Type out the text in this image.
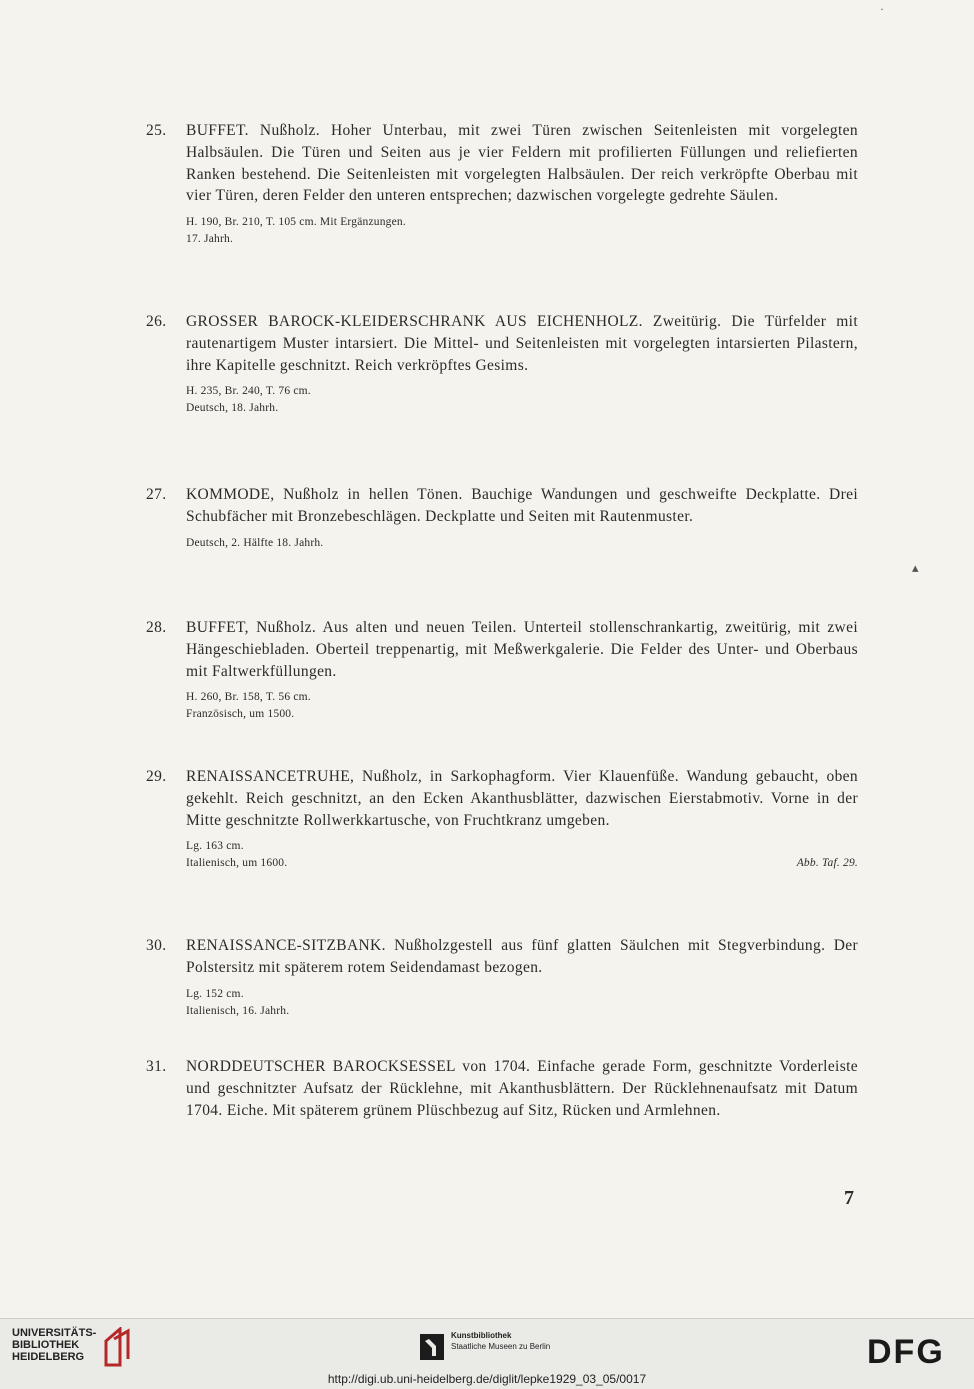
·
▴
25. BUFFET. Nußholz. Hoher Unterbau, mit zwei Türen zwischen Seitenleisten mit vorgelegten Halbsäulen. Die Türen und Seiten aus je vier Feldern mit profilierten Füllungen und reliefierten Ranken bestehend. Die Seitenleisten mit vorgelegten Halbsäulen. Der reich verkröpfte Oberbau mit vier Türen, deren Felder den unteren entsprechen; dazwischen vorgelegte gedrehte Säulen.
H. 190, Br. 210, T. 105 cm. Mit Ergänzungen.
17. Jahrh.
26. GROSSER BAROCK-KLEIDERSCHRANK AUS EICHENHOLZ. Zweitürig. Die Türfelder mit rautenartigem Muster intarsiert. Die Mittel- und Seitenleisten mit vorgelegten intarsierten Pilastern, ihre Kapitelle geschnitzt. Reich verkröpftes Gesims.
H. 235, Br. 240, T. 76 cm.
Deutsch, 18. Jahrh.
27. KOMMODE, Nußholz in hellen Tönen. Bauchige Wandungen und geschweifte Deckplatte. Drei Schubfächer mit Bronzebeschlägen. Deckplatte und Seiten mit Rautenmuster.
Deutsch, 2. Hälfte 18. Jahrh.
28. BUFFET, Nußholz. Aus alten und neuen Teilen. Unterteil stollenschrankartig, zweitürig, mit zwei Hängeschiebladen. Oberteil treppenartig, mit Meßwerkgalerie. Die Felder des Unter- und Oberbaus mit Faltwerkfüllungen.
H. 260, Br. 158, T. 56 cm.
Französisch, um 1500.
29. RENAISSANCETRUHE, Nußholz, in Sarkophagform. Vier Klauenfüße. Wandung gebaucht, oben gekehlt. Reich geschnitzt, an den Ecken Akanthusblätter, dazwischen Eierstabmotiv. Vorne in der Mitte geschnitzte Rollwerkkartusche, von Fruchtkranz umgeben.
Lg. 163 cm.
Italienisch, um 1600.	Abb. Taf. 29.
30. RENAISSANCE-SITZBANK. Nußholzgestell aus fünf glatten Säulchen mit Stegverbindung. Der Polstersitz mit späterem rotem Seidendamast bezogen.
Lg. 152 cm.
Italienisch, 16. Jahrh.
31. NORDDEUTSCHER BAROCKSESSEL von 1704. Einfache gerade Form, geschnitzte Vorderleiste und geschnitzter Aufsatz der Rücklehne, mit Akanthusblättern. Der Rücklehnenaufsatz mit Datum 1704. Eiche. Mit späterem grünem Plüschbezug auf Sitz, Rücken und Armlehnen.
7
UNIVERSITÄTS-
BIBLIOTHEK
HEIDELBERG
Kunstbibliothek
Staatliche Museen zu Berlin	DFG
http://digi.ub.uni-heidelberg.de/diglit/lepke1929_03_05/0017
